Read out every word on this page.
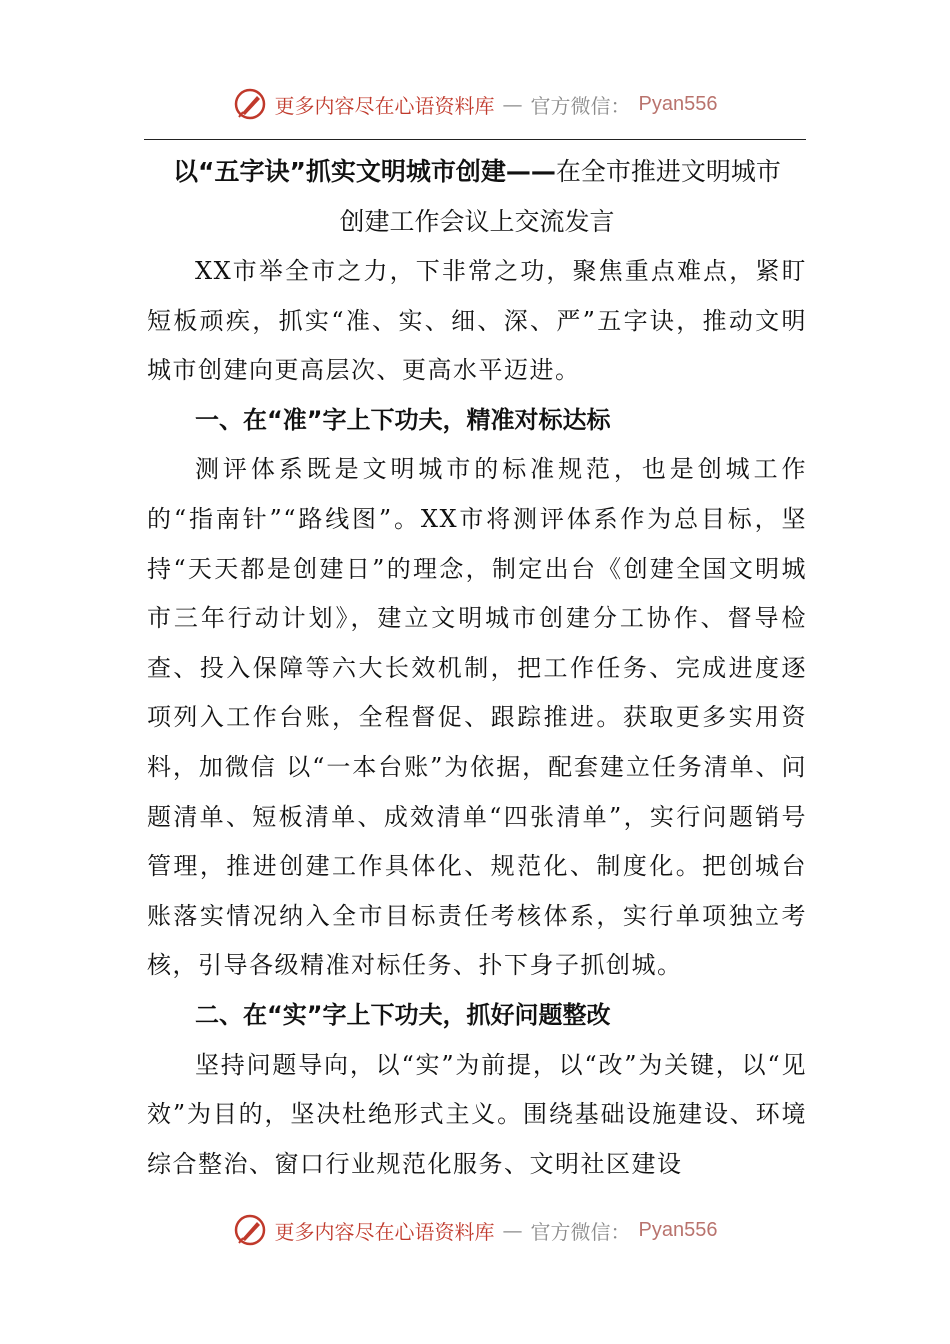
更多内容尽在心语资料库 — 官方微信： Pyan556
以“五字诀”抓实文明城市创建——在全市推进文明城市
创建工作会议上交流发言

XX市举全市之力，下非常之功，聚焦重点难点，紧盯短板顽疾，抓实“准、实、细、深、严”五字诀，推动文明城市创建向更高层次、更高水平迈进。

一、在“准”字上下功夫，精准对标达标

测评体系既是文明城市的标准规范，也是创城工作的“指南针”“路线图”。XX市将测评体系作为总目标，坚持“天天都是创建日”的理念，制定出台《创建全国文明城市三年行动计划》，建立文明城市创建分工协作、督导检查、投入保障等六大长效机制，把工作任务、完成进度逐项列入工作台账，全程督促、跟踪推进。获取更多实用资料，加微信 以“一本台账”为依据，配套建立任务清单、问题清单、短板清单、成效清单“四张清单”，实行问题销号管理，推进创建工作具体化、规范化、制度化。把创城台账落实情况纳入全市目标责任考核体系，实行单项独立考核，引导各级精准对标任务、扑下身子抓创城。

二、在“实”字上下功夫，抓好问题整改

坚持问题导向，以“实”为前提，以“改”为关键，以“见效”为目的，坚决杜绝形式主义。围绕基础设施建设、环境综合整治、窗口行业规范化服务、文明社区建设

更多内容尽在心语资料库 — 官方微信： Pyan556
